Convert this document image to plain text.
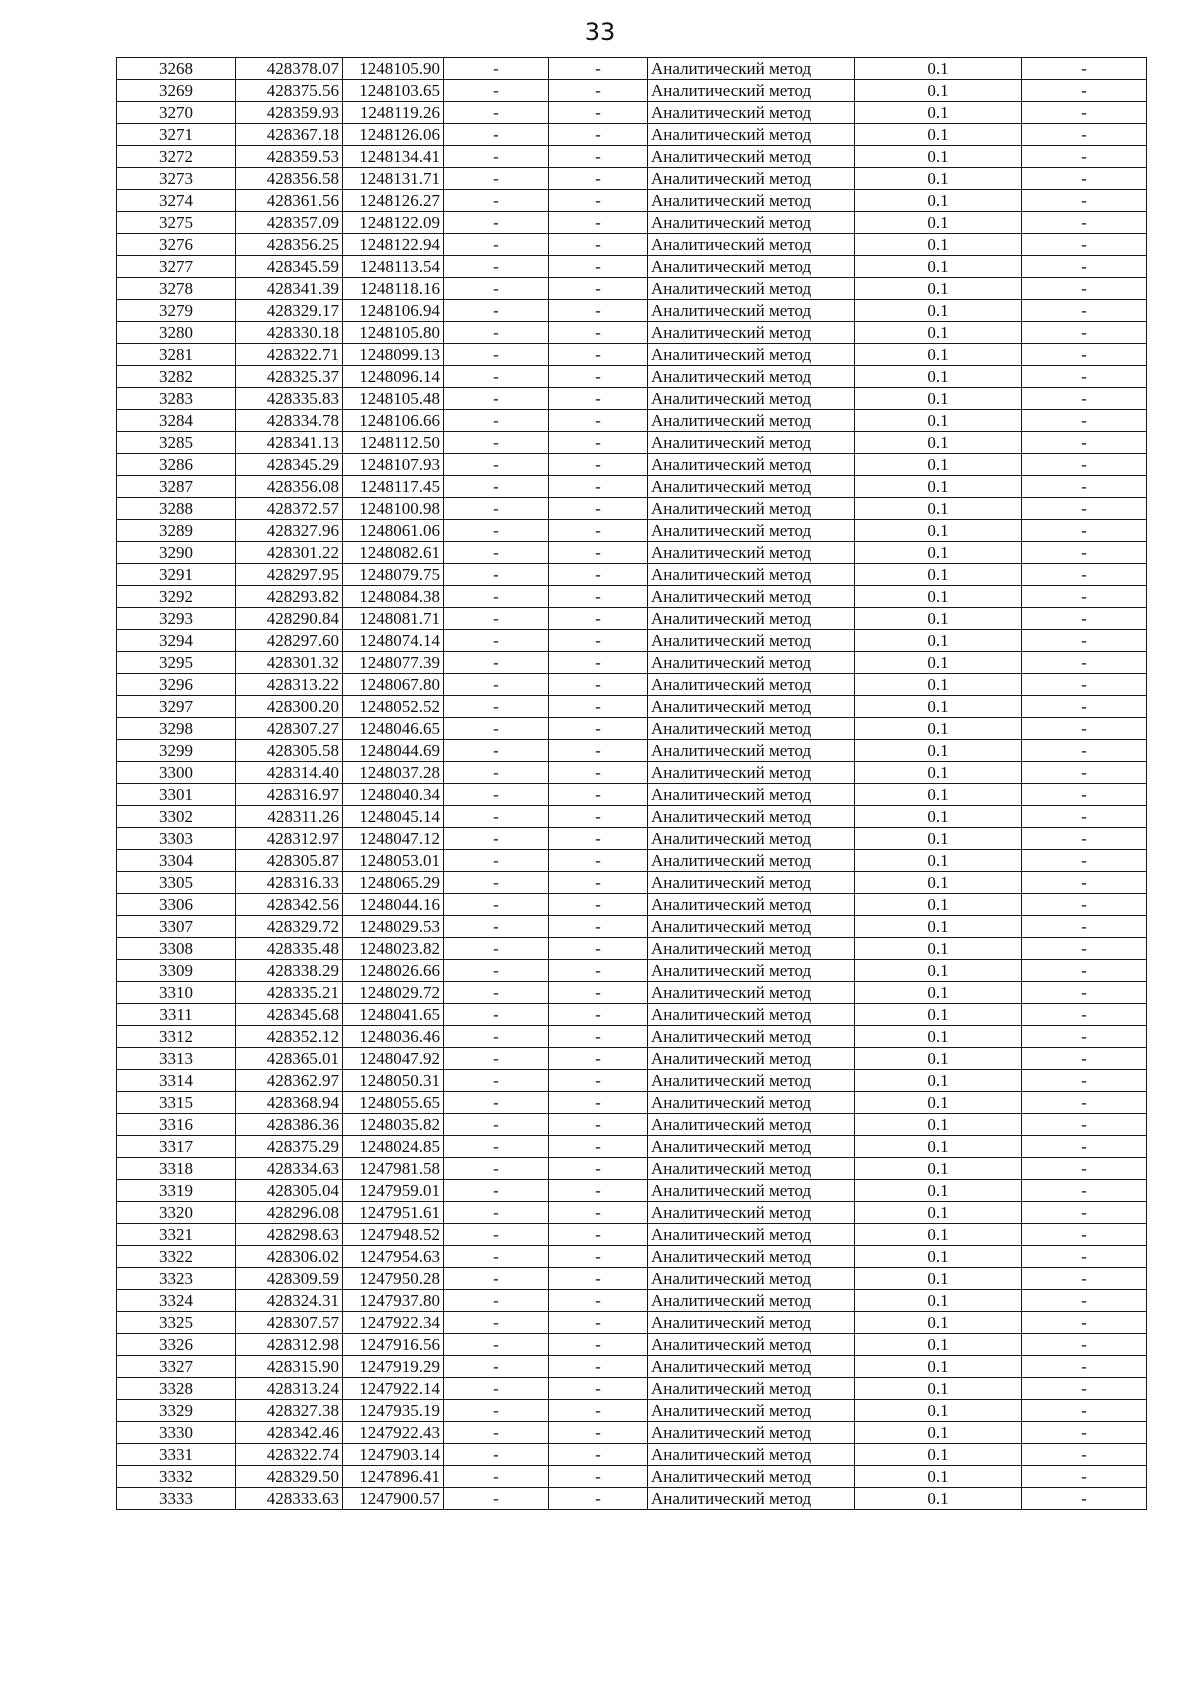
33
3268	428378.07	1248105.90	-	-	Аналитический метод	0.1	-
3269	428375.56	1248103.65	-	-	Аналитический метод	0.1	-
3270	428359.93	1248119.26	-	-	Аналитический метод	0.1	-
3271	428367.18	1248126.06	-	-	Аналитический метод	0.1	-
3272	428359.53	1248134.41	-	-	Аналитический метод	0.1	-
3273	428356.58	1248131.71	-	-	Аналитический метод	0.1	-
3274	428361.56	1248126.27	-	-	Аналитический метод	0.1	-
3275	428357.09	1248122.09	-	-	Аналитический метод	0.1	-
3276	428356.25	1248122.94	-	-	Аналитический метод	0.1	-
3277	428345.59	1248113.54	-	-	Аналитический метод	0.1	-
3278	428341.39	1248118.16	-	-	Аналитический метод	0.1	-
3279	428329.17	1248106.94	-	-	Аналитический метод	0.1	-
3280	428330.18	1248105.80	-	-	Аналитический метод	0.1	-
3281	428322.71	1248099.13	-	-	Аналитический метод	0.1	-
3282	428325.37	1248096.14	-	-	Аналитический метод	0.1	-
3283	428335.83	1248105.48	-	-	Аналитический метод	0.1	-
3284	428334.78	1248106.66	-	-	Аналитический метод	0.1	-
3285	428341.13	1248112.50	-	-	Аналитический метод	0.1	-
3286	428345.29	1248107.93	-	-	Аналитический метод	0.1	-
3287	428356.08	1248117.45	-	-	Аналитический метод	0.1	-
3288	428372.57	1248100.98	-	-	Аналитический метод	0.1	-
3289	428327.96	1248061.06	-	-	Аналитический метод	0.1	-
3290	428301.22	1248082.61	-	-	Аналитический метод	0.1	-
3291	428297.95	1248079.75	-	-	Аналитический метод	0.1	-
3292	428293.82	1248084.38	-	-	Аналитический метод	0.1	-
3293	428290.84	1248081.71	-	-	Аналитический метод	0.1	-
3294	428297.60	1248074.14	-	-	Аналитический метод	0.1	-
3295	428301.32	1248077.39	-	-	Аналитический метод	0.1	-
3296	428313.22	1248067.80	-	-	Аналитический метод	0.1	-
3297	428300.20	1248052.52	-	-	Аналитический метод	0.1	-
3298	428307.27	1248046.65	-	-	Аналитический метод	0.1	-
3299	428305.58	1248044.69	-	-	Аналитический метод	0.1	-
3300	428314.40	1248037.28	-	-	Аналитический метод	0.1	-
3301	428316.97	1248040.34	-	-	Аналитический метод	0.1	-
3302	428311.26	1248045.14	-	-	Аналитический метод	0.1	-
3303	428312.97	1248047.12	-	-	Аналитический метод	0.1	-
3304	428305.87	1248053.01	-	-	Аналитический метод	0.1	-
3305	428316.33	1248065.29	-	-	Аналитический метод	0.1	-
3306	428342.56	1248044.16	-	-	Аналитический метод	0.1	-
3307	428329.72	1248029.53	-	-	Аналитический метод	0.1	-
3308	428335.48	1248023.82	-	-	Аналитический метод	0.1	-
3309	428338.29	1248026.66	-	-	Аналитический метод	0.1	-
3310	428335.21	1248029.72	-	-	Аналитический метод	0.1	-
3311	428345.68	1248041.65	-	-	Аналитический метод	0.1	-
3312	428352.12	1248036.46	-	-	Аналитический метод	0.1	-
3313	428365.01	1248047.92	-	-	Аналитический метод	0.1	-
3314	428362.97	1248050.31	-	-	Аналитический метод	0.1	-
3315	428368.94	1248055.65	-	-	Аналитический метод	0.1	-
3316	428386.36	1248035.82	-	-	Аналитический метод	0.1	-
3317	428375.29	1248024.85	-	-	Аналитический метод	0.1	-
3318	428334.63	1247981.58	-	-	Аналитический метод	0.1	-
3319	428305.04	1247959.01	-	-	Аналитический метод	0.1	-
3320	428296.08	1247951.61	-	-	Аналитический метод	0.1	-
3321	428298.63	1247948.52	-	-	Аналитический метод	0.1	-
3322	428306.02	1247954.63	-	-	Аналитический метод	0.1	-
3323	428309.59	1247950.28	-	-	Аналитический метод	0.1	-
3324	428324.31	1247937.80	-	-	Аналитический метод	0.1	-
3325	428307.57	1247922.34	-	-	Аналитический метод	0.1	-
3326	428312.98	1247916.56	-	-	Аналитический метод	0.1	-
3327	428315.90	1247919.29	-	-	Аналитический метод	0.1	-
3328	428313.24	1247922.14	-	-	Аналитический метод	0.1	-
3329	428327.38	1247935.19	-	-	Аналитический метод	0.1	-
3330	428342.46	1247922.43	-	-	Аналитический метод	0.1	-
3331	428322.74	1247903.14	-	-	Аналитический метод	0.1	-
3332	428329.50	1247896.41	-	-	Аналитический метод	0.1	-
3333	428333.63	1247900.57	-	-	Аналитический метод	0.1	-
